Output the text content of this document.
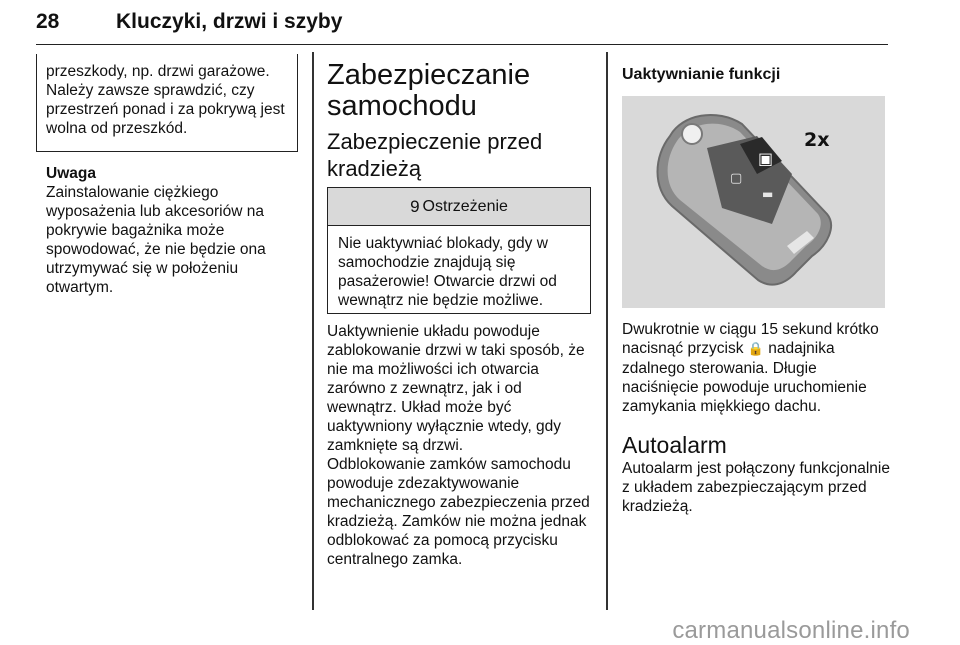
28	Kluczyki, drzwi i szyby
przeszkody, np. drzwi garażowe. Należy zawsze sprawdzić, czy przestrzeń ponad i za pokrywą jest wolna od przeszkód.
Uwaga
Zainstalowanie ciężkiego wyposażenia lub akcesoriów na pokrywie bagażnika może spowodować, że nie będzie ona utrzymywać się w położeniu otwartym.
Zabezpieczanie samochodu
Zabezpieczenie przed kradzieżą
9 Ostrzeżenie
Nie uaktywniać blokady, gdy w samochodzie znajdują się pasażerowie! Otwarcie drzwi od wewnątrz nie będzie możliwe.
Uaktywnienie układu powoduje zablokowanie drzwi w taki sposób, że nie ma możliwości ich otwarcia zarówno z zewnątrz, jak i od wewnątrz. Układ może być uaktywniony wyłącznie wtedy, gdy zamknięte są drzwi.
Odblokowanie zamków samochodu powoduje zdezaktywowanie mechanicznego zabezpieczenia przed kradzieżą. Zamków nie można jednak odblokować za pomocą przycisku centralnego zamka.
Uaktywnianie funkcji
▣
▢
▬
2x
Dwukrotnie w ciągu 15 sekund krótko nacisnąć przycisk 🔒 nadajnika zdalnego sterowania. Długie naciśnięcie powoduje uruchomienie zamykania miękkiego dachu.
Autoalarm
Autoalarm jest połączony funkcjonalnie z układem zabezpieczającym przed kradzieżą.
carmanualsonline.info
